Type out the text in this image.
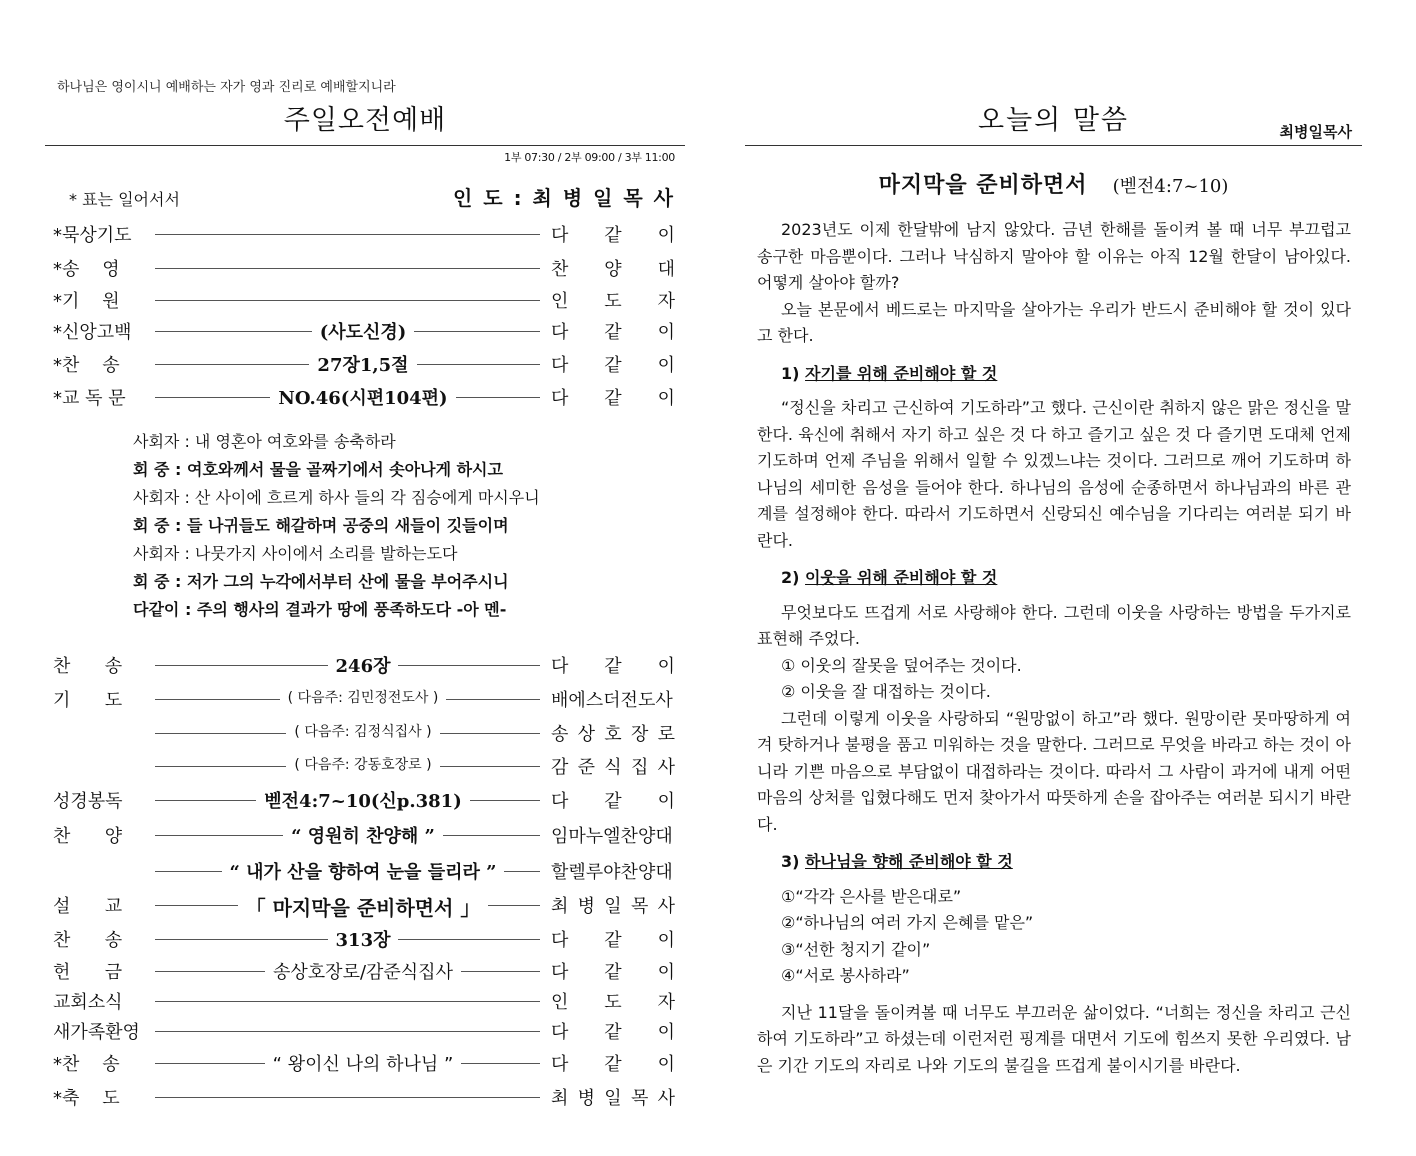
하나님은 영이시니 예배하는 자가 영과 진리로 예배할지니라
주일오전예배
1부 07:30 / 2부 09:00 / 3부 11:00
* 표는 일어서서	인 도 : 최 병 일 목 사
*묵상기도	다 같 이
*송    영	찬 양 대
*기    원	인 도 자
*신앙고백	(사도신경)	다 같 이
*찬    송	27장1,5절	다 같 이
*교 독 문	NO.46(시편104편)	다 같 이
찬      송	246장	다 같 이
기      도	( 다음주: 김민정전도사 )	배에스더전도사
( 다음주: 김정식집사 )	송 상 호 장 로
( 다음주: 강동호장로 )	감 준 식 집 사
성경봉독	벧전4:7~10(신p.381)	다 같 이
찬      양	“ 영원히 찬양해 ”	임마누엘찬양대
“ 내가 산을 향하여 눈을 들리라 ”	할렐루야찬양대
설      교	「 마지막을 준비하면서 」	최 병 일 목 사
찬      송	313장	다 같 이
헌      금	송상호장로/감준식집사	다 같 이
교회소식	인 도 자
새가족환영	다 같 이
*찬    송	“ 왕이신 나의 하나님 ”	다 같 이
*축    도	최 병 일 목 사
사회자 : 내 영혼아 여호와를 송축하라
회 중 : 여호와께서 물을 골짜기에서 솟아나게 하시고
사회자 : 산 사이에 흐르게 하사 들의 각 짐승에게 마시우니
회 중 : 들 나귀들도 해갈하며 공중의 새들이 깃들이며
사회자 : 나뭇가지 사이에서 소리를 발하는도다
회 중 : 저가 그의 누각에서부터 산에 물을 부어주시니
다같이 : 주의 행사의 결과가 땅에 풍족하도다 -아 멘-
오늘의 말씀	최병일목사
마지막을 준비하면서 (벧전4:7~10)

2023년도 이제 한달밖에 남지 않았다. 금년 한해를 돌이켜 볼 때 너무 부끄럽고 송구한 마음뿐이다. 그러나 낙심하지 말아야 할 이유는 아직 12월 한달이 남아있다. 어떻게 살아야 할까?

오늘 본문에서 베드로는 마지막을 살아가는 우리가 반드시 준비해야 할 것이 있다고 한다.

1) 자기를 위해 준비해야 할 것

“정신을 차리고 근신하여 기도하라”고 했다. 근신이란 취하지 않은 맑은 정신을 말한다. 육신에 취해서 자기 하고 싶은 것 다 하고 즐기고 싶은 것 다 즐기면 도대체 언제 기도하며 언제 주님을 위해서 일할 수 있겠느냐는 것이다. 그러므로 깨어 기도하며 하나님의 세미한 음성을 들어야 한다. 하나님의 음성에 순종하면서 하나님과의 바른 관계를 설정해야 한다. 따라서 기도하면서 신랑되신 예수님을 기다리는 여러분 되기 바란다.

2) 이웃을 위해 준비해야 할 것

무엇보다도 뜨겁게 서로 사랑해야 한다. 그런데 이웃을 사랑하는 방법을 두가지로 표현해 주었다.

① 이웃의 잘못을 덮어주는 것이다.
② 이웃을 잘 대접하는 것이다.

그런데 이렇게 이웃을 사랑하되 “원망없이 하고”라 했다. 원망이란 못마땅하게 여겨 탓하거나 불평을 품고 미워하는 것을 말한다. 그러므로 무엇을 바라고 하는 것이 아니라 기쁜 마음으로 부담없이 대접하라는 것이다. 따라서 그 사람이 과거에 내게 어떤 마음의 상처를 입혔다해도 먼저 찾아가서 따뜻하게 손을 잡아주는 여러분 되시기 바란다.

3) 하나님을 향해 준비해야 할 것
①“각각 은사를 받은대로”
②“하나님의 여러 가지 은혜를 맡은”
③“선한 청지기 같이”
④“서로 봉사하라”

지난 11달을 돌이켜볼 때 너무도 부끄러운 삶이었다. “너희는 정신을 차리고 근신하여 기도하라”고 하셨는데 이런저런 핑계를 대면서 기도에 힘쓰지 못한 우리였다. 남은 기간 기도의 자리로 나와 기도의 불길을 뜨겁게 불이시기를 바란다.
